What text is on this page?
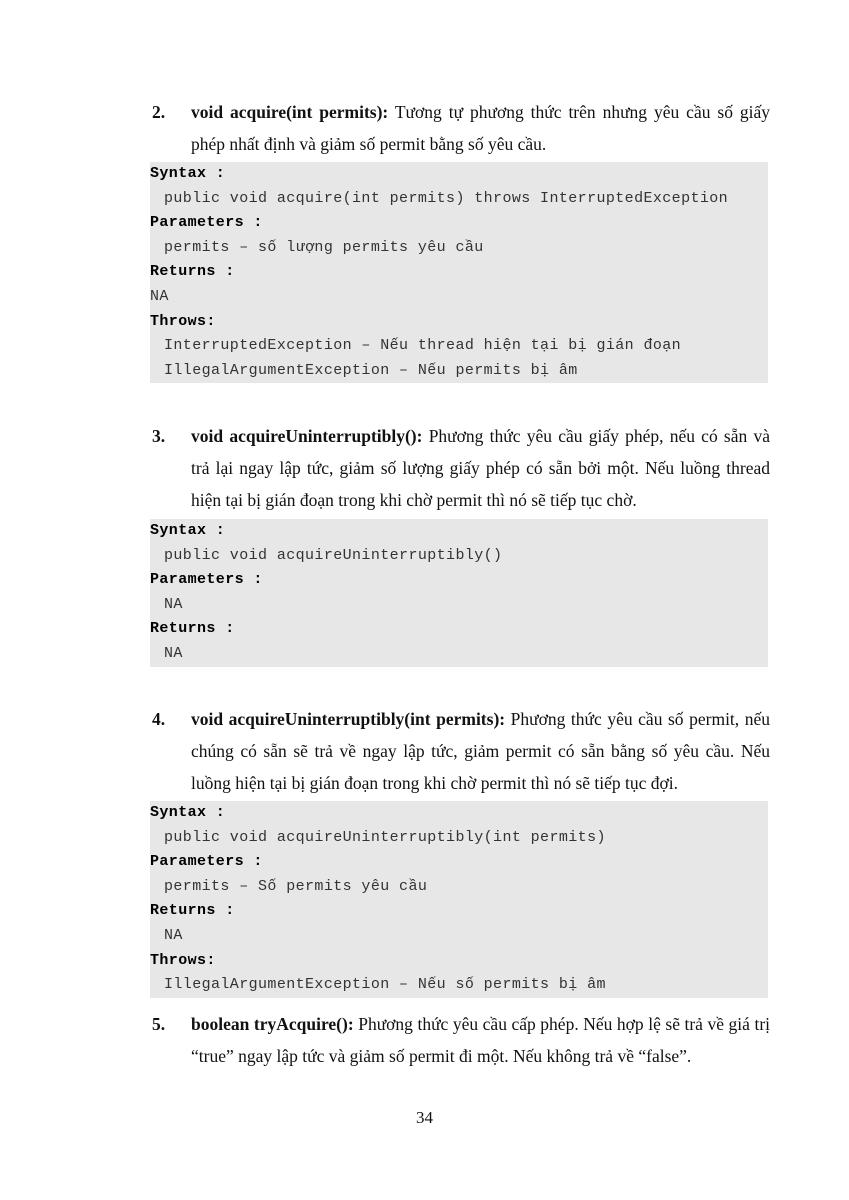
2. void acquire(int permits): Tương tự phương thức trên nhưng yêu cầu số giấy phép nhất định và giảm số permit bằng số yêu cầu.
Syntax :
public void acquire(int permits) throws InterruptedException
Parameters :
permits – số lượng permits yêu cầu
Returns :
NA
Throws:
InterruptedException – Nếu thread hiện tại bị gián đoạn
IllegalArgumentException – Nếu permits bị âm
3. void acquireUninterruptibly(): Phương thức yêu cầu giấy phép, nếu có sẵn và trả lại ngay lập tức, giảm số lượng giấy phép có sẵn bởi một. Nếu luồng thread hiện tại bị gián đoạn trong khi chờ permit thì nó sẽ tiếp tục chờ.
Syntax :
public void acquireUninterruptibly()
Parameters :
NA
Returns :
NA
4. void acquireUninterruptibly(int permits): Phương thức yêu cầu số permit, nếu chúng có sẵn sẽ trả về ngay lập tức, giảm permit có sẵn bằng số yêu cầu. Nếu luồng hiện tại bị gián đoạn trong khi chờ permit thì nó sẽ tiếp tục đợi.
Syntax :
public void acquireUninterruptibly(int permits)
Parameters :
permits – Số permits yêu cầu
Returns :
NA
Throws:
IllegalArgumentException – Nếu số permits bị âm
5. boolean tryAcquire(): Phương thức yêu cầu cấp phép. Nếu hợp lệ sẽ trả về giá trị “true” ngay lập tức và giảm số permit đi một. Nếu không trả về “false”.
34
